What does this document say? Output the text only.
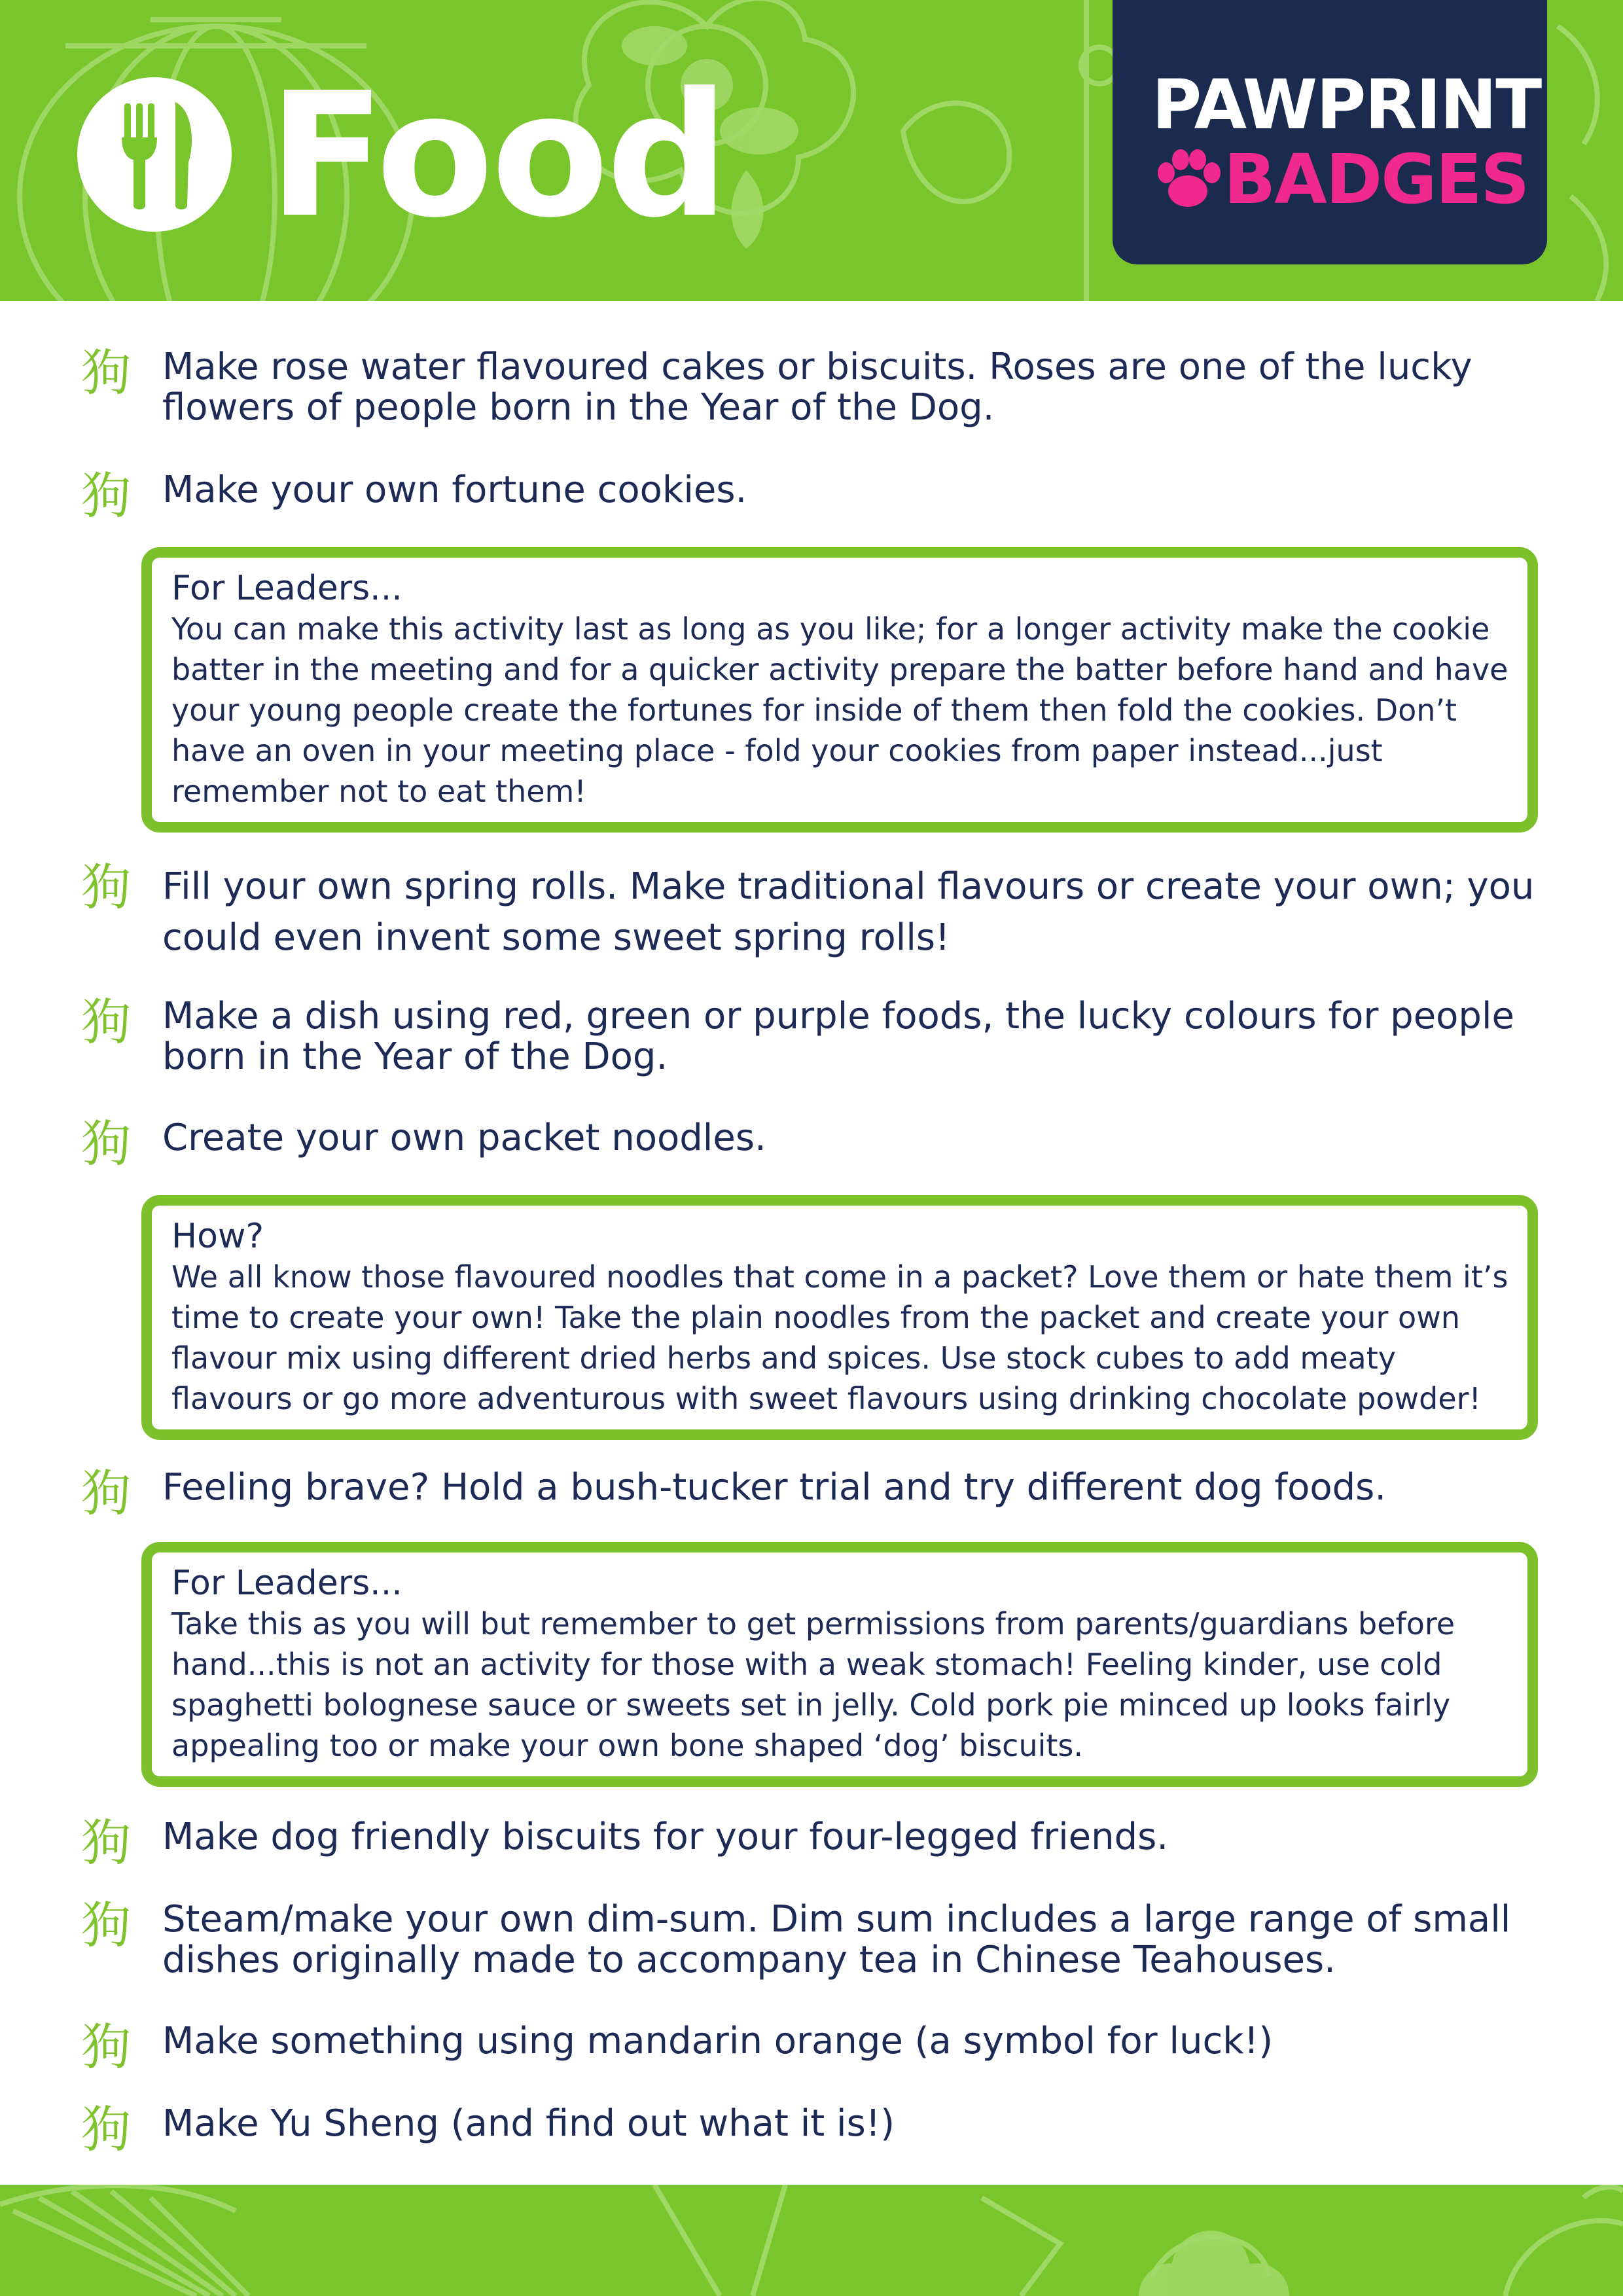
Food	PAWPRINT
BADGES
狗 Make rose water flavoured cakes or biscuits. Roses are one of the lucky flowers of people born in the Year of the Dog.
狗 Make your own fortune cookies.
For Leaders...
You can make this activity last as long as you like; for a longer activity make the cookie batter in the meeting and for a quicker activity prepare the batter before hand and have your young people create the fortunes for inside of them then fold the cookies. Don’t have an oven in your meeting place - fold your cookies from paper instead...just remember not to eat them!
狗 Fill your own spring rolls. Make traditional flavours or create your own; you could even invent some sweet spring rolls!
狗 Make a dish using red, green or purple foods, the lucky colours for people born in the Year of the Dog.
狗 Create your own packet noodles.
How?
We all know those flavoured noodles that come in a packet? Love them or hate them it’s time to create your own! Take the plain noodles from the packet and create your own flavour mix using different dried herbs and spices. Use stock cubes to add meaty flavours or go more adventurous with sweet flavours using drinking chocolate powder!
狗 Feeling brave? Hold a bush-tucker trial and try different dog foods.
For Leaders...
Take this as you will but remember to get permissions from parents/guardians before hand...this is not an activity for those with a weak stomach! Feeling kinder, use cold spaghetti bolognese sauce or sweets set in jelly. Cold pork pie minced up looks fairly appealing too or make your own bone shaped ‘dog’ biscuits.
狗 Make dog friendly biscuits for your four-legged friends.
狗 Steam/make your own dim-sum. Dim sum includes a large range of small dishes originally made to accompany tea in Chinese Teahouses.
狗 Make something using mandarin orange (a symbol for luck!)
狗 Make Yu Sheng (and find out what it is!)
